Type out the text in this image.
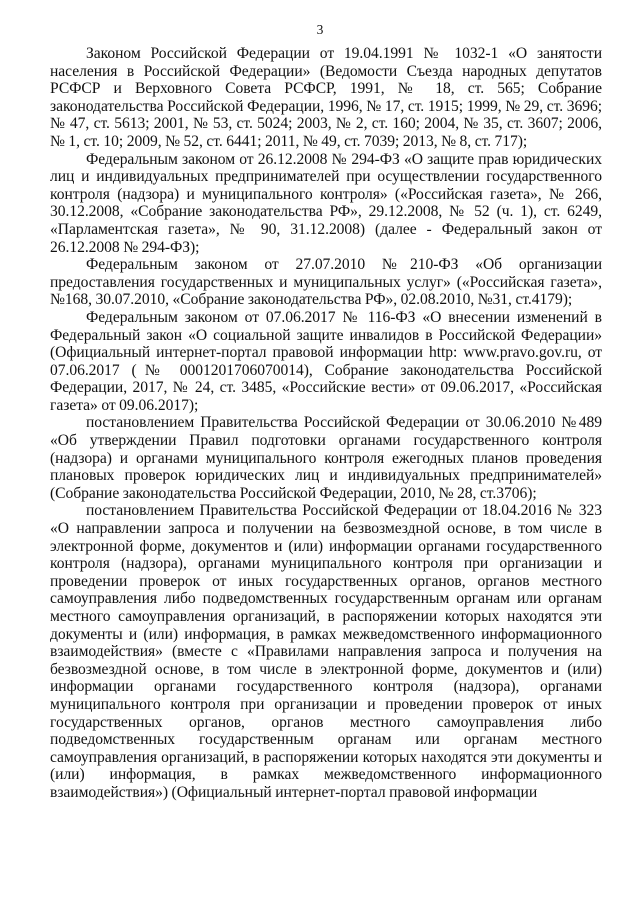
3

Законом Российской Федерации от 19.04.1991 № 1032-1 «О занятости населения в Российской Федерации» (Ведомости Съезда народных депутатов РСФСР и Верховного Совета РСФСР, 1991, № 18, ст. 565; Собрание законодательства Российской Федерации, 1996, № 17, ст. 1915; 1999, № 29, ст. 3696; № 47, ст. 5613; 2001, № 53, ст. 5024; 2003, № 2, ст. 160; 2004, № 35, ст. 3607; 2006, № 1, ст. 10; 2009, № 52, ст. 6441; 2011, № 49, ст. 7039; 2013, № 8, ст. 717);

Федеральным законом от 26.12.2008 № 294-ФЗ «О защите прав юридических лиц и индивидуальных предпринимателей при осуществлении государственного контроля (надзора) и муниципального контроля» («Российская газета», № 266, 30.12.2008, «Собрание законодательства РФ», 29.12.2008, № 52 (ч. 1), ст. 6249, «Парламентская газета», № 90, 31.12.2008) (далее - Федеральный закон от 26.12.2008 № 294-ФЗ);

Федеральным законом от 27.07.2010 №210-ФЗ «Об организации предоставления государственных и муниципальных услуг» («Российская газета», №168, 30.07.2010, «Собрание законодательства РФ», 02.08.2010, №31, ст.4179);

Федеральным законом от 07.06.2017 № 116-ФЗ «О внесении изменений в Федеральный закон «О социальной защите инвалидов в Российской Федерации» (Официальный интернет-портал правовой информации http: www.pravo.gov.ru, от 07.06.2017 (№ 0001201706070014), Собрание законодательства Российской Федерации, 2017, № 24, ст. 3485, «Российские вести» от 09.06.2017, «Российская газета» от 09.06.2017);

постановлением Правительства Российской Федерации от 30.06.2010 №489 «Об утверждении Правил подготовки органами государственного контроля (надзора) и органами муниципального контроля ежегодных планов проведения плановых проверок юридических лиц и индивидуальных предпринимателей» (Собрание законодательства Российской Федерации, 2010, № 28, ст.3706);

постановлением Правительства Российской Федерации от 18.04.2016 № 323 «О направлении запроса и получении на безвозмездной основе, в том числе в электронной форме, документов и (или) информации органами государственного контроля (надзора), органами муниципального контроля при организации и проведении проверок от иных государственных органов, органов местного самоуправления либо подведомственных государственным органам или органам местного самоуправления организаций, в распоряжении которых находятся эти документы и (или) информация, в рамках межведомственного информационного взаимодействия» (вместе с «Правилами направления запроса и получения на безвозмездной основе, в том числе в электронной форме, документов и (или) информации органами государственного контроля (надзора), органами муниципального контроля при организации и проведении проверок от иных государственных органов, органов местного самоуправления либо подведомственных государственным органам или органам местного самоуправления организаций, в распоряжении которых находятся эти документы и (или) информация, в рамках межведомственного информационного взаимодействия») (Официальный интернет-портал правовой информации
